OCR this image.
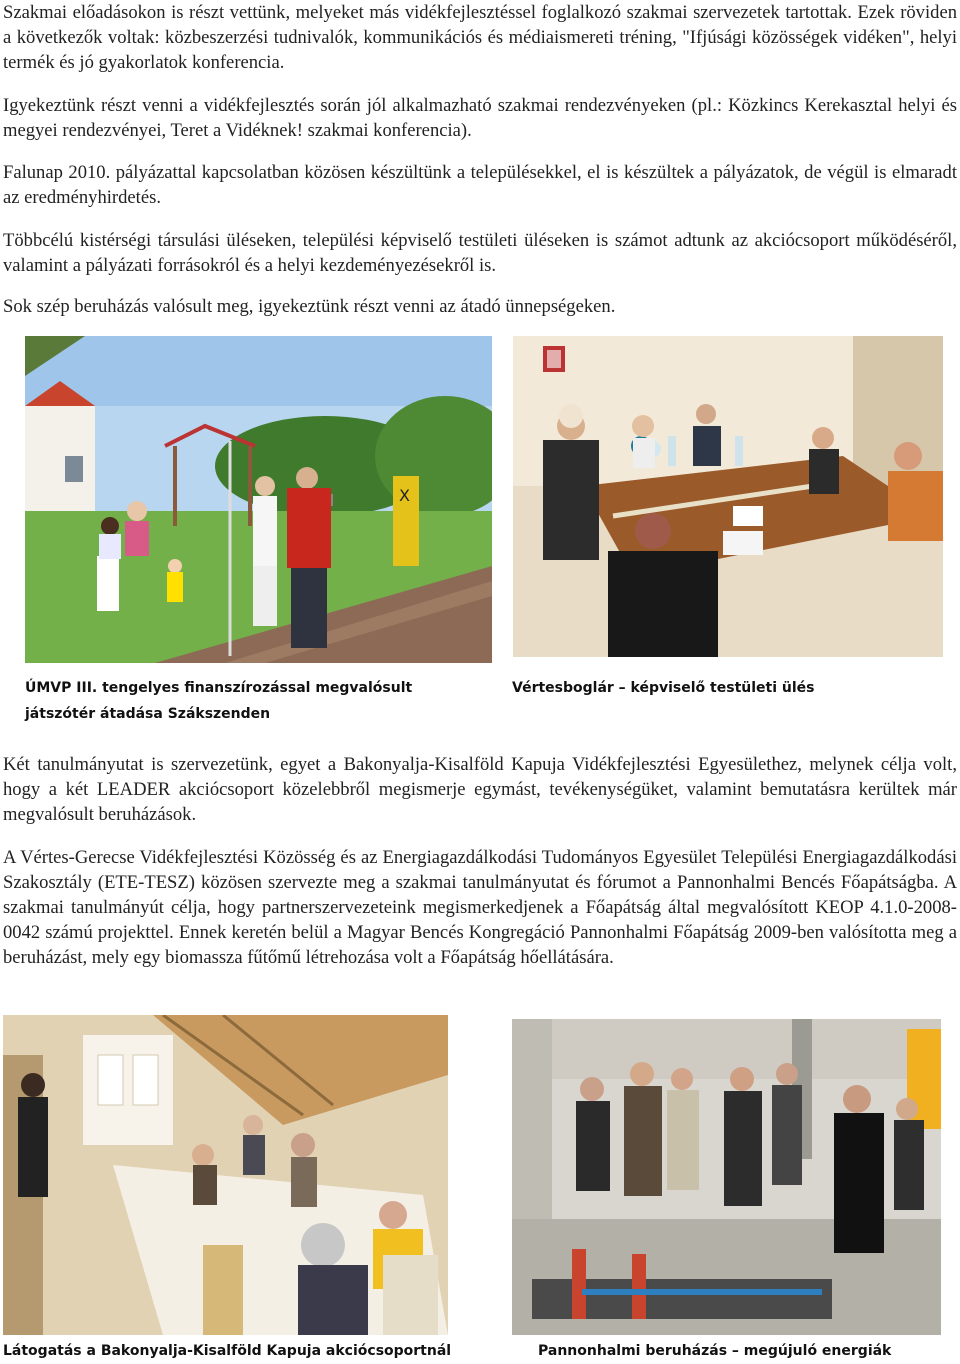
Szakmai előadásokon is részt vettünk, melyeket más vidékfejlesztéssel foglalkozó szakmai szervezetek tartottak. Ezek röviden a következők voltak: közbeszerzési tudnivalók, kommunikációs és médiaismereti tréning, "Ifjúsági közösségek vidéken", helyi termék és jó gyakorlatok konferencia.

Igyekeztünk részt venni a vidékfejlesztés során jól alkalmazható szakmai rendezvényeken (pl.: Közkincs Kerekasztal helyi és megyei rendezvényei, Teret a Vidéknek! szakmai konferencia).

Falunap 2010. pályázattal kapcsolatban közösen készültünk a településekkel, el is készültek a pályázatok, de végül is elmaradt az eredményhirdetés.

Többcélú kistérségi társulási üléseken, települési képviselő testületi üléseken is számot adtunk az akciócsoport működéséről, valamint a pályázati forrásokról és a helyi kezdeményezésekről is.

Sok szép beruházás valósult meg, igyekeztünk részt venni az átadó ünnepségeken.

X

ÚMVP III. tengelyes finanszírozással megvalósult játszótér átadása Szákszenden

Vértesboglár – képviselő testületi ülés

Két tanulmányutat is szervezetünk, egyet a Bakonyalja-Kisalföld Kapuja Vidékfejlesztési Egyesülethez, melynek célja volt, hogy a két LEADER akciócsoport közelebbről megismerje egymást, tevékenységüket, valamint bemutatásra kerültek már megvalósult beruházások.

A Vértes-Gerecse Vidékfejlesztési Közösség és az Energiagazdálkodási Tudományos Egyesület Települési Energiagazdálkodási Szakosztály (ETE-TESZ) közösen szervezte meg a szakmai tanulmányutat és fórumot a Pannonhalmi Bencés Főapátságba. A szakmai tanulmányút célja, hogy partnerszervezeteink megismerkedjenek a Főapátság által megvalósított KEOP 4.1.0-2008-0042 számú projekttel. Ennek keretén belül a Magyar Bencés Kongregáció Pannonhalmi Főapátság 2009-ben valósította meg a beruházást, mely egy biomassza fűtőmű létrehozása volt a Főapátság hőellátására.

Látogatás a Bakonyalja-Kisalföld Kapuja akciócsoportnál	Pannonhalmi beruházás – megújuló energiák
